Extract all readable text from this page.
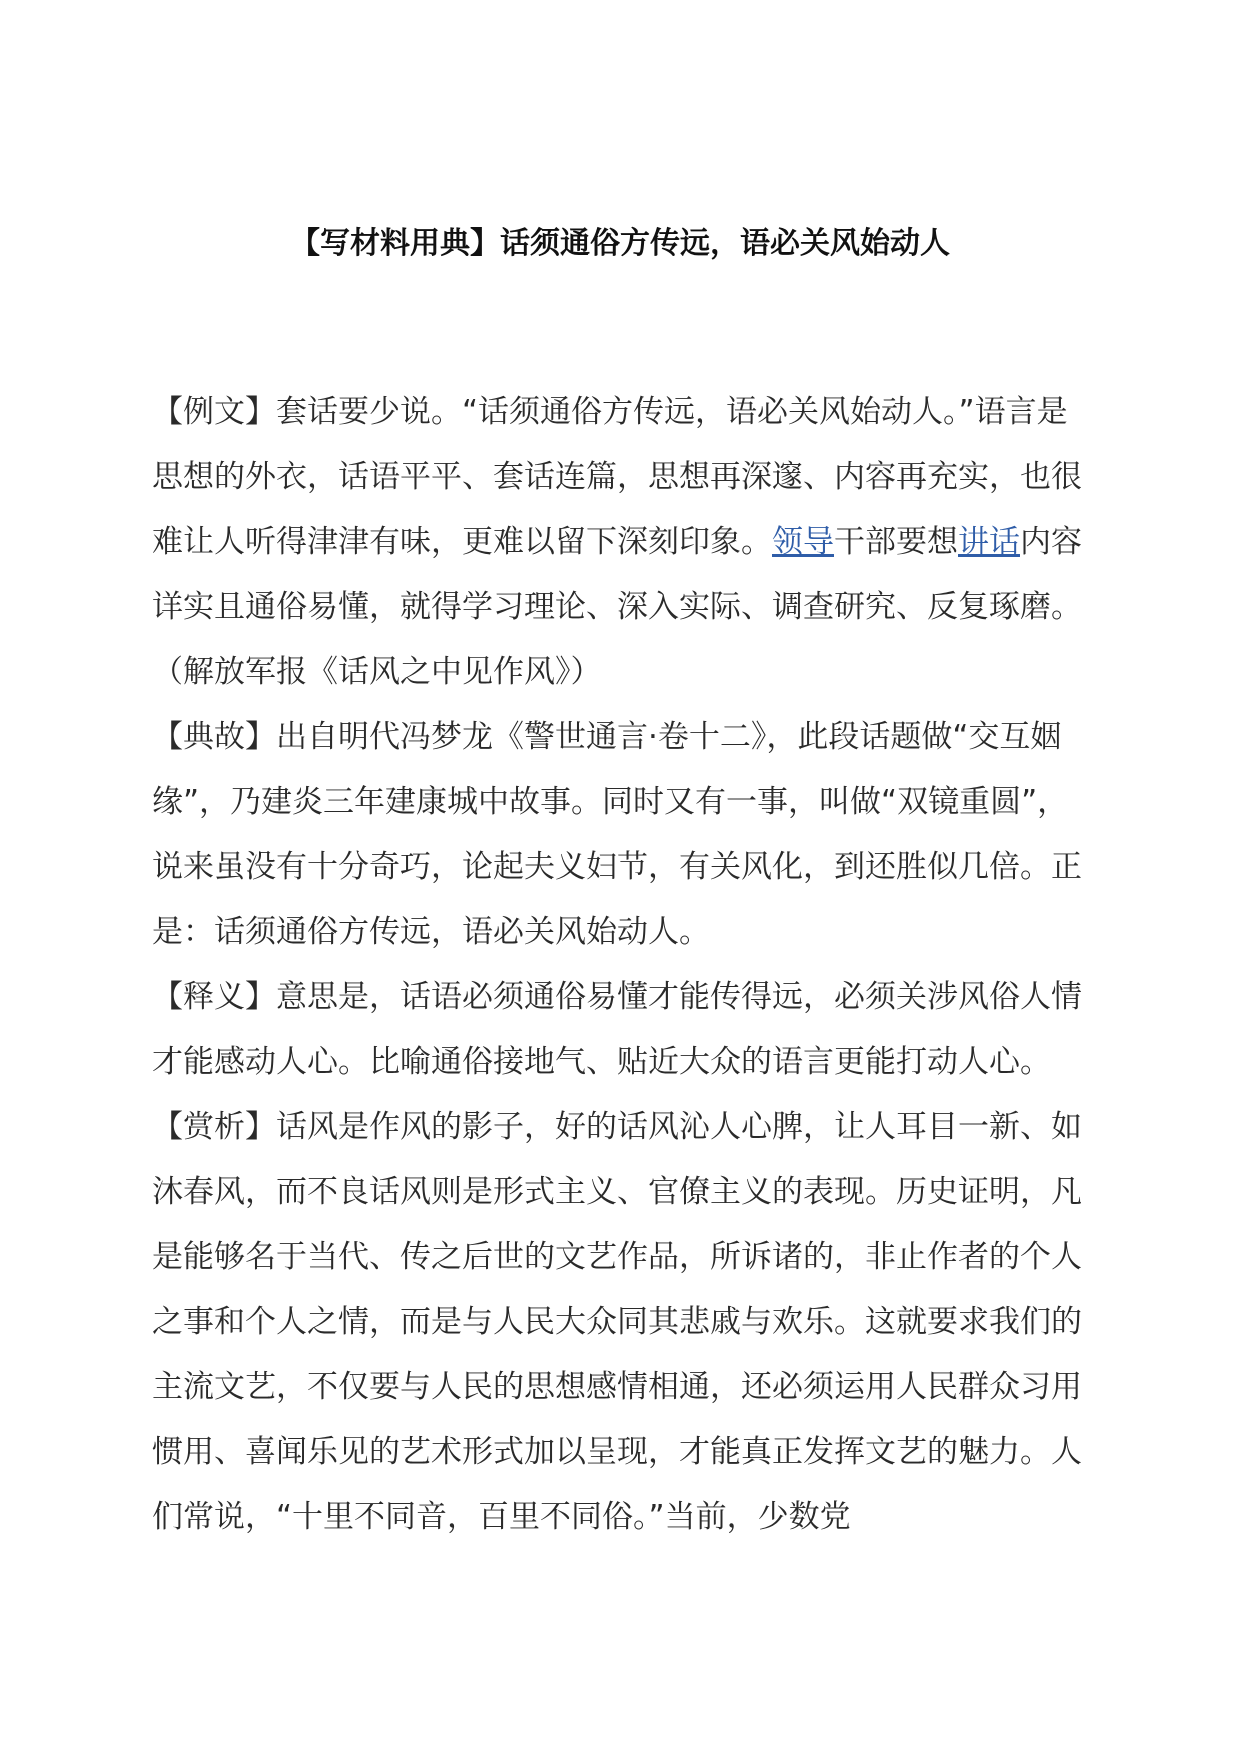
【写材料用典】话须通俗方传远，语必关风始动人

【例文】套话要少说。“话须通俗方传远，语必关风始动人。”语言是思想的外衣，话语平平、套话连篇，思想再深邃、内容再充实，也很难让人听得津津有味，更难以留下深刻印象。领导干部要想讲话内容详实且通俗易懂，就得学习理论、深入实际、调查研究、反复琢磨。（解放军报《话风之中见作风》）

【典故】出自明代冯梦龙《警世通言·卷十二》，此段话题做“交互姻缘”，乃建炎三年建康城中故事。同时又有一事，叫做“双镜重圆”，说来虽没有十分奇巧，论起夫义妇节，有关风化，到还胜似几倍。正是：话须通俗方传远，语必关风始动人。

【释义】意思是，话语必须通俗易懂才能传得远，必须关涉风俗人情才能感动人心。比喻通俗接地气、贴近大众的语言更能打动人心。

【赏析】话风是作风的影子，好的话风沁人心脾，让人耳目一新、如沐春风，而不良话风则是形式主义、官僚主义的表现。历史证明，凡是能够名于当代、传之后世的文艺作品，所诉诸的，非止作者的个人之事和个人之情，而是与人民大众同其悲戚与欢乐。这就要求我们的主流文艺，不仅要与人民的思想感情相通，还必须运用人民群众习用惯用、喜闻乐见的艺术形式加以呈现，才能真正发挥文艺的魅力。人们常说，“十里不同音，百里不同俗。”当前，少数党
